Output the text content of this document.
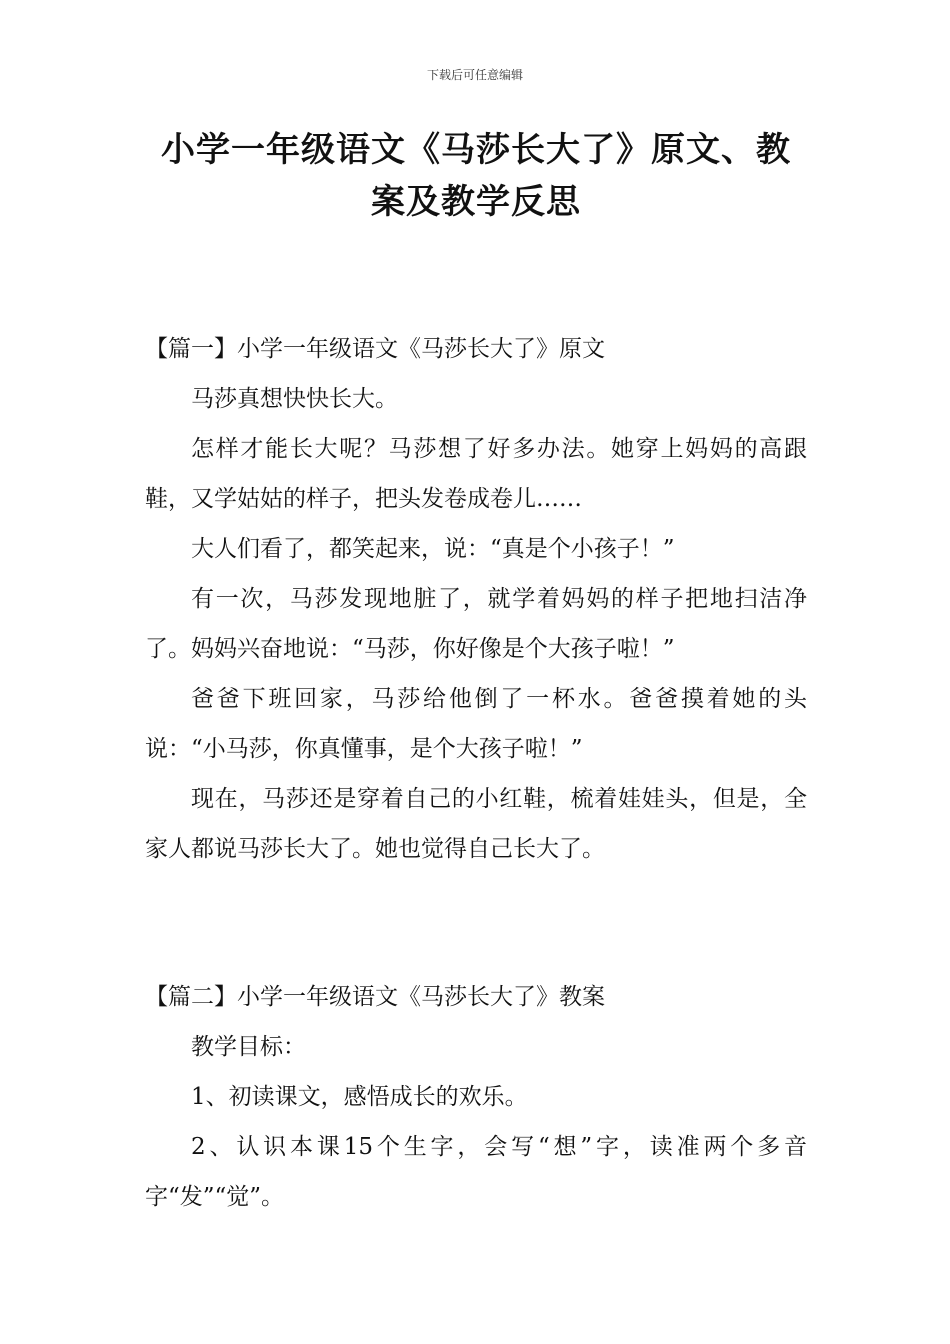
下载后可任意编辑
小学一年级语文《马莎长大了》原文、教
案及教学反思

【篇一】小学一年级语文《马莎长大了》原文

马莎真想快快长大。

怎样才能长大呢？马莎想了好多办法。她穿上妈妈的高跟鞋，又学姑姑的样子，把头发卷成卷儿……

大人们看了，都笑起来，说：“真是个小孩子！”

有一次，马莎发现地脏了，就学着妈妈的样子把地扫洁净了。妈妈兴奋地说：“马莎，你好像是个大孩子啦！”

爸爸下班回家，马莎给他倒了一杯水。爸爸摸着她的头说：“小马莎，你真懂事，是个大孩子啦！”

现在，马莎还是穿着自己的小红鞋，梳着娃娃头，但是，全家人都说马莎长大了。她也觉得自己长大了。

【篇二】小学一年级语文《马莎长大了》教案

教学目标：

1、初读课文，感悟成长的欢乐。

2、认识本课15个生字，会写“想”字，读准两个多音字“发”“觉”。
